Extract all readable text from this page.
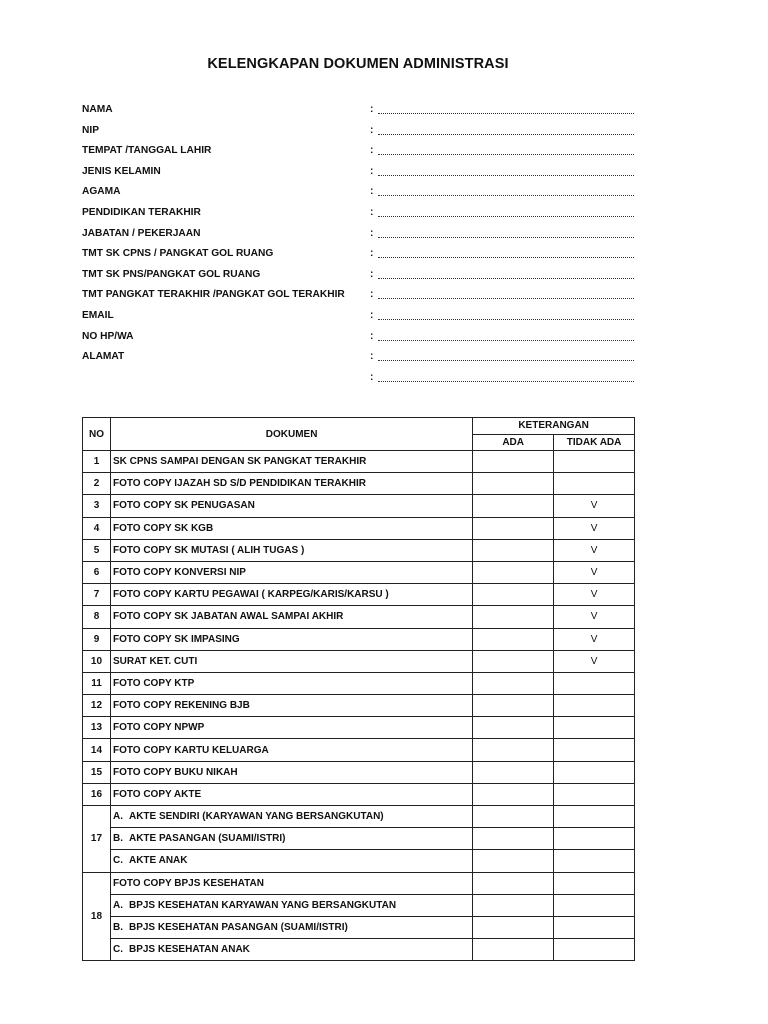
KELENGKAPAN DOKUMEN ADMINISTRASI
NAMA	:
NIP	:
TEMPAT /TANGGAL LAHIR	:
JENIS KELAMIN	:
AGAMA	:
PENDIDIKAN TERAKHIR	:
JABATAN / PEKERJAAN	:
TMT SK CPNS / PANGKAT GOL RUANG	:
TMT SK PNS/PANGKAT GOL RUANG	:
TMT PANGKAT TERAKHIR /PANGKAT GOL TERAKHIR :
EMAIL	:
NO HP/WA	:
ALAMAT	:
:
NO	DOKUMEN	KETERANGAN	
		ADA	TIDAK ADA
1	SK CPNS SAMPAI DENGAN SK PANGKAT TERAKHIR		
2	FOTO COPY IJAZAH SD S/D PENDIDIKAN TERAKHIR		
3	FOTO COPY SK PENUGASAN		V
4	FOTO COPY SK KGB		V
5	FOTO COPY SK MUTASI ( ALIH TUGAS )		V
6	FOTO COPY KONVERSI NIP		V
7	FOTO COPY KARTU PEGAWAI ( KARPEG/KARIS/KARSU )		V
8	FOTO COPY SK JABATAN AWAL SAMPAI AKHIR		V
9	FOTO COPY SK IMPASING		V
10	SURAT KET. CUTI		V
11	FOTO COPY KTP		
12	FOTO COPY REKENING BJB		
13	FOTO COPY NPWP		
14	FOTO COPY KARTU KELUARGA		
15	FOTO COPY BUKU NIKAH		
16	FOTO COPY AKTE		
17	A. AKTE SENDIRI (KARYAWAN YANG BERSANGKUTAN)		
	B. AKTE PASANGAN (SUAMI/ISTRI)		
	C. AKTE ANAK		
18	FOTO COPY BPJS KESEHATAN		
	A. BPJS KESEHATAN KARYAWAN YANG BERSANGKUTAN		
	B. BPJS KESEHATAN PASANGAN (SUAMI/ISTRI)		
	C. BPJS KESEHATAN ANAK		
